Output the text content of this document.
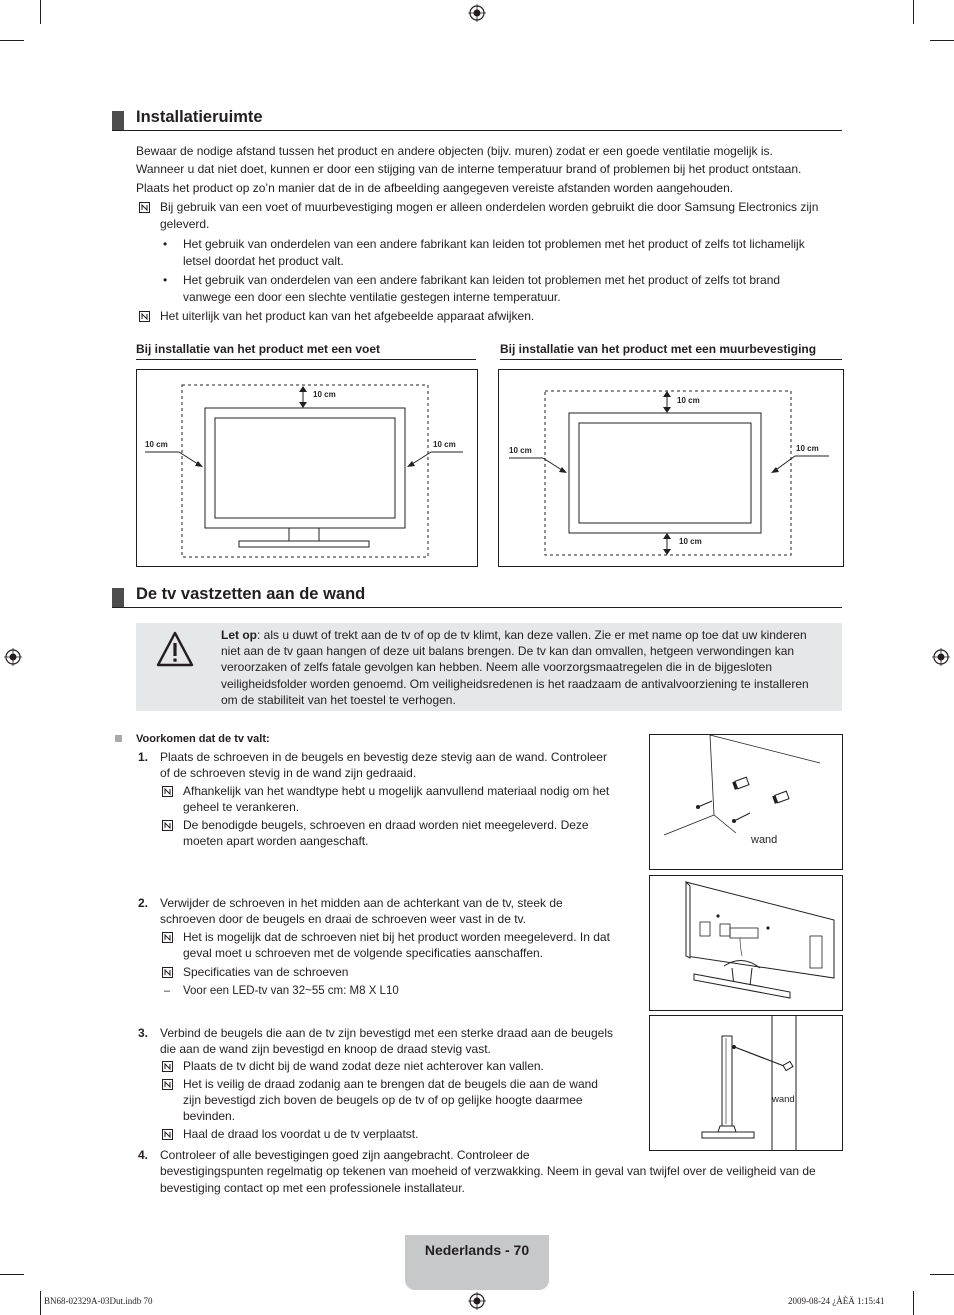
Installatieruimte
Bewaar de nodige afstand tussen het product en andere objecten (bijv. muren) zodat er een goede ventilatie mogelijk is.
Wanneer u dat niet doet, kunnen er door een stijging van de interne temperatuur brand of problemen bij het product ontstaan.
Plaats het product op zo’n manier dat de in de afbeelding aangegeven vereiste afstanden worden aangehouden.
Bij gebruik van een voet of muurbevestiging mogen er alleen onderdelen worden gebruikt die door Samsung Electronics zijn
geleverd.
• Het gebruik van onderdelen van een andere fabrikant kan leiden tot problemen met het product of zelfs tot lichamelijk
letsel doordat het product valt.
• Het gebruik van onderdelen van een andere fabrikant kan leiden tot problemen met het product of zelfs tot brand
vanwege een door een slechte ventilatie gestegen interne temperatuur.
Het uiterlijk van het product kan van het afgebeelde apparaat afwijken.
Bij installatie van het product met een voet	Bij installatie van het product met een muurbevestiging
10 cm
10 cm	10 cm
10 cm
10 cm	10 cm
10 cm
De tv vastzetten aan de wand
Let op: als u duwt of trekt aan de tv of op de tv klimt, kan deze vallen. Zie er met name op toe dat uw kinderen
niet aan de tv gaan hangen of deze uit balans brengen. De tv kan dan omvallen, hetgeen verwondingen kan
veroorzaken of zelfs fatale gevolgen kan hebben. Neem alle voorzorgsmaatregelen die in de bijgesloten
veiligheidsfolder worden genoemd. Om veiligheidsredenen is het raadzaam de antivalvoorziening te installeren
om de stabiliteit van het toestel te verhogen.
Voorkomen dat de tv valt:
1. Plaats de schroeven in de beugels en bevestig deze stevig aan de wand. Controleer
of de schroeven stevig in de wand zijn gedraaid.
Afhankelijk van het wandtype hebt u mogelijk aanvullend materiaal nodig om het
geheel te verankeren.
De benodigde beugels, schroeven en draad worden niet meegeleverd. Deze
moeten apart worden aangeschaft.	wand
2. Verwijder de schroeven in het midden aan de achterkant van de tv, steek de
schroeven door de beugels en draai de schroeven weer vast in de tv.
Het is mogelijk dat de schroeven niet bij het product worden meegeleverd. In dat
geval moet u schroeven met de volgende specificaties aanschaffen.
Specificaties van de schroeven
– Voor een LED-tv van 32~55 cm: M8 X L10
3. Verbind de beugels die aan de tv zijn bevestigd met een sterke draad aan de beugels
die aan de wand zijn bevestigd en knoop de draad stevig vast.
Plaats de tv dicht bij de wand zodat deze niet achterover kan vallen.
Het is veilig de draad zodanig aan te brengen dat de beugels die aan de wand
zijn bevestigd zich boven de beugels op de tv of op gelijke hoogte daarmee
bevinden.
Haal de draad los voordat u de tv verplaatst.
wand
4. Controleer of alle bevestigingen goed zijn aangebracht. Controleer de
bevestigingspunten regelmatig op tekenen van moeheid of verzwakking. Neem in geval van twijfel over de veiligheid van de
bevestiging contact op met een professionele installateur.
Nederlands - 70
BN68-02329A-03Dut.indb 70	2009-08-24 ¿ÀÈÄ 1:15:41
